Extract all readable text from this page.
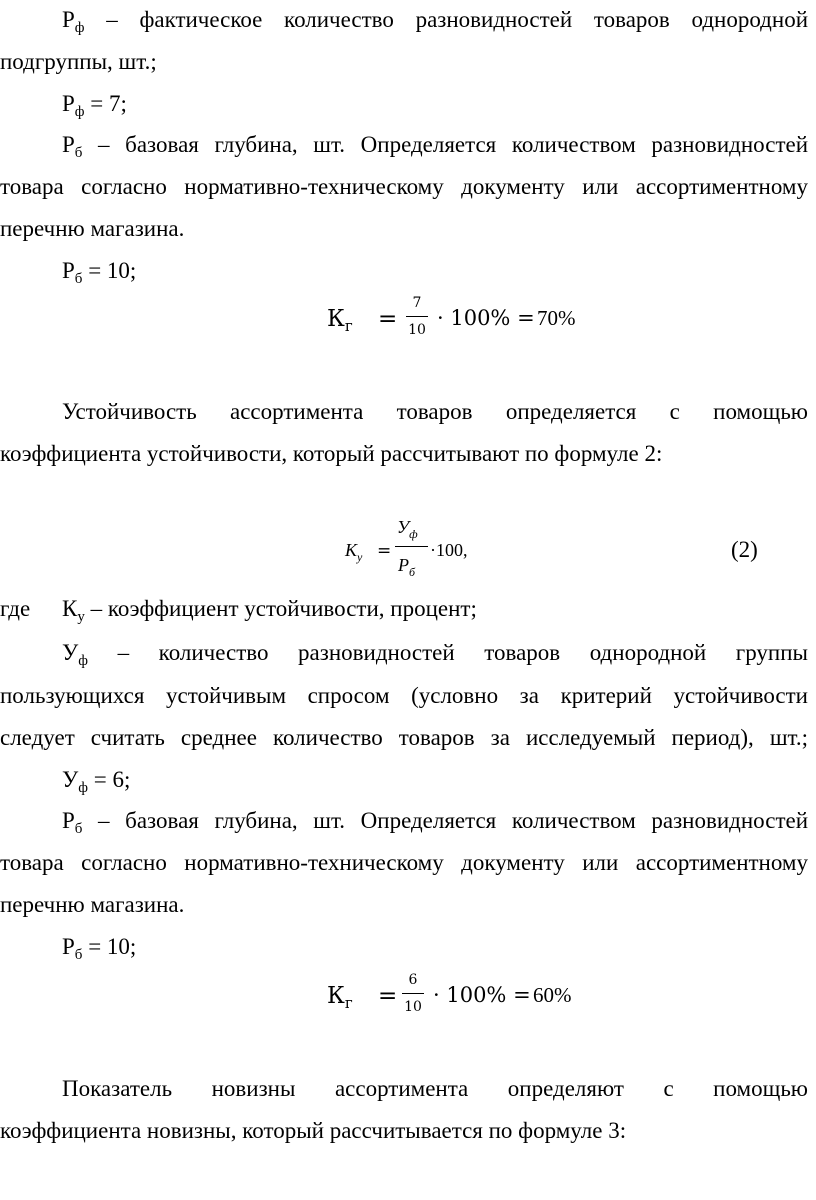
$Р_ф$ – фактическое количество разновидностей товаров однородной
подгруппы, шт.;
$Р_ф = 7$;
$Р_б$ – базовая глубина, шт. Определяется количеством разновидностей
товара согласно нормативно-техническому документу или ассортиментному
перечню магазина.
$Р_б = 10$;
$К_г$ =
7
10 · 100% = 70%
Устойчивость ассортимента товаров определяется с помощью
коэффициента устойчивости, который рассчитывают по формуле 2:
$К_у$ =
$У_ф$
$Р_б$
·100,	(2)
где $К_у$ – коэффициент устойчивости, процент;
$У_ф$ – количество разновидностей товаров однородной группы
пользующихся устойчивым спросом (условно за критерий устойчивости
следует считать среднее количество товаров за исследуемый период), шт.;
$У_ф = 6$;
$Р_б$ – базовая глубина, шт. Определяется количеством разновидностей
товара согласно нормативно-техническому документу или ассортиментному
перечню магазина.
$Р_б = 10$;
$К_г$ =
6
10 · 100% = 60%
Показатель новизны ассортимента определяют с помощью
коэффициента новизны, который рассчитывается по формуле 3:
